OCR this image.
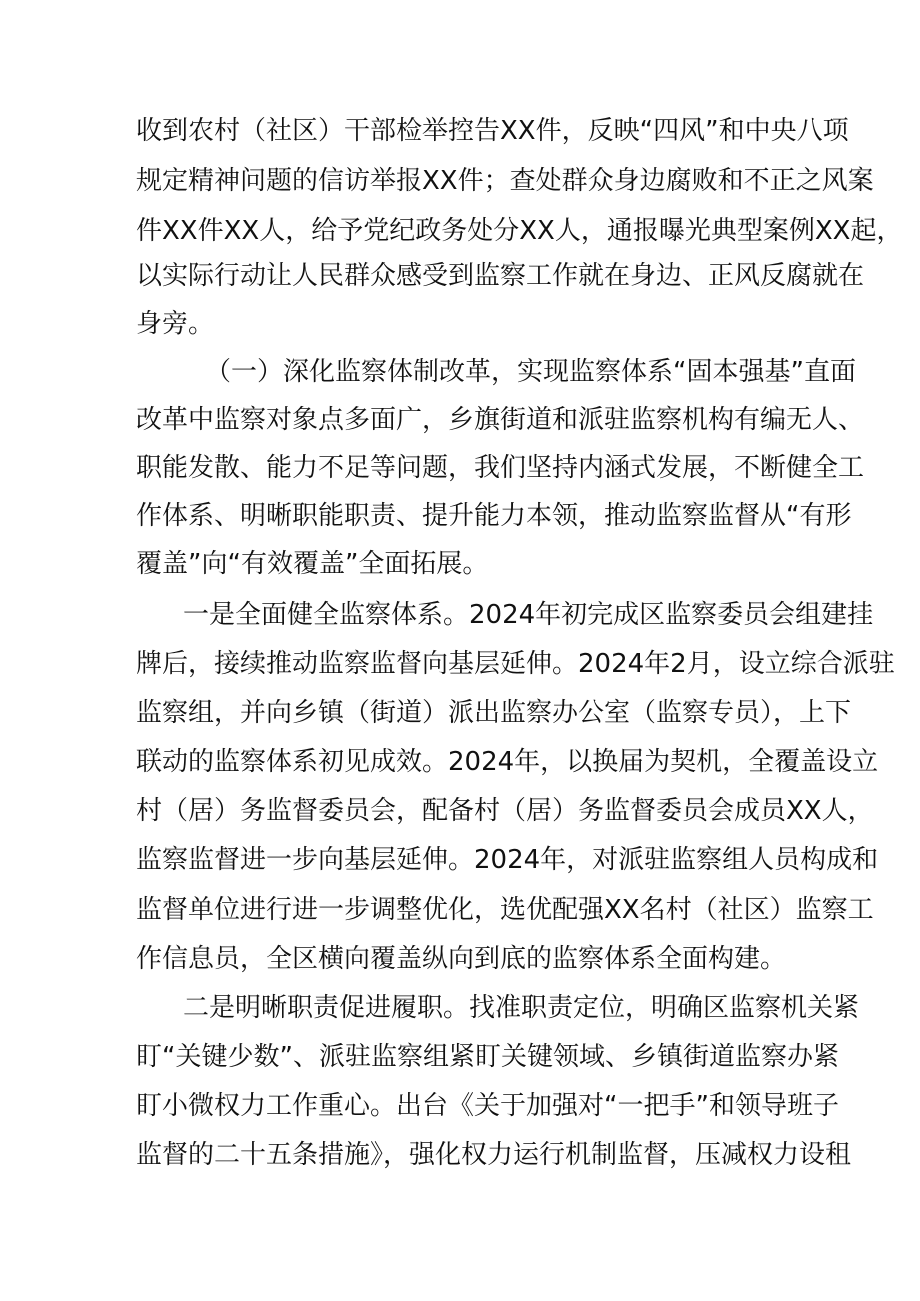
收到农村（社区）干部检举控告XX件，反映“四风”和中央八项
规定精神问题的信访举报XX件；查处群众身边腐败和不正之风案
件XX件XX人，给予党纪政务处分XX人，通报曝光典型案例XX起，
以实际行动让人民群众感受到监察工作就在身边、正风反腐就在
身旁。
（一）深化监察体制改革，实现监察体系“固本强基”直面
改革中监察对象点多面广，乡旗街道和派驻监察机构有编无人、
职能发散、能力不足等问题，我们坚持内涵式发展，不断健全工
作体系、明晰职能职责、提升能力本领，推动监察监督从“有形
覆盖”向“有效覆盖”全面拓展。
一是全面健全监察体系。2024年初完成区监察委员会组建挂
牌后，接续推动监察监督向基层延伸。2024年2月，设立综合派驻
监察组，并向乡镇（街道）派出监察办公室（监察专员），上下
联动的监察体系初见成效。2024年，以换届为契机，全覆盖设立
村（居）务监督委员会，配备村（居）务监督委员会成员XX人，
监察监督进一步向基层延伸。2024年，对派驻监察组人员构成和
监督单位进行进一步调整优化，选优配强XX名村（社区）监察工
作信息员，全区横向覆盖纵向到底的监察体系全面构建。
二是明晰职责促进履职。找准职责定位，明确区监察机关紧
盯“关键少数”、派驻监察组紧盯关键领域、乡镇街道监察办紧
盯小微权力工作重心。出台《关于加强对“一把手”和领导班子
监督的二十五条措施》，强化权力运行机制监督，压减权力设租
